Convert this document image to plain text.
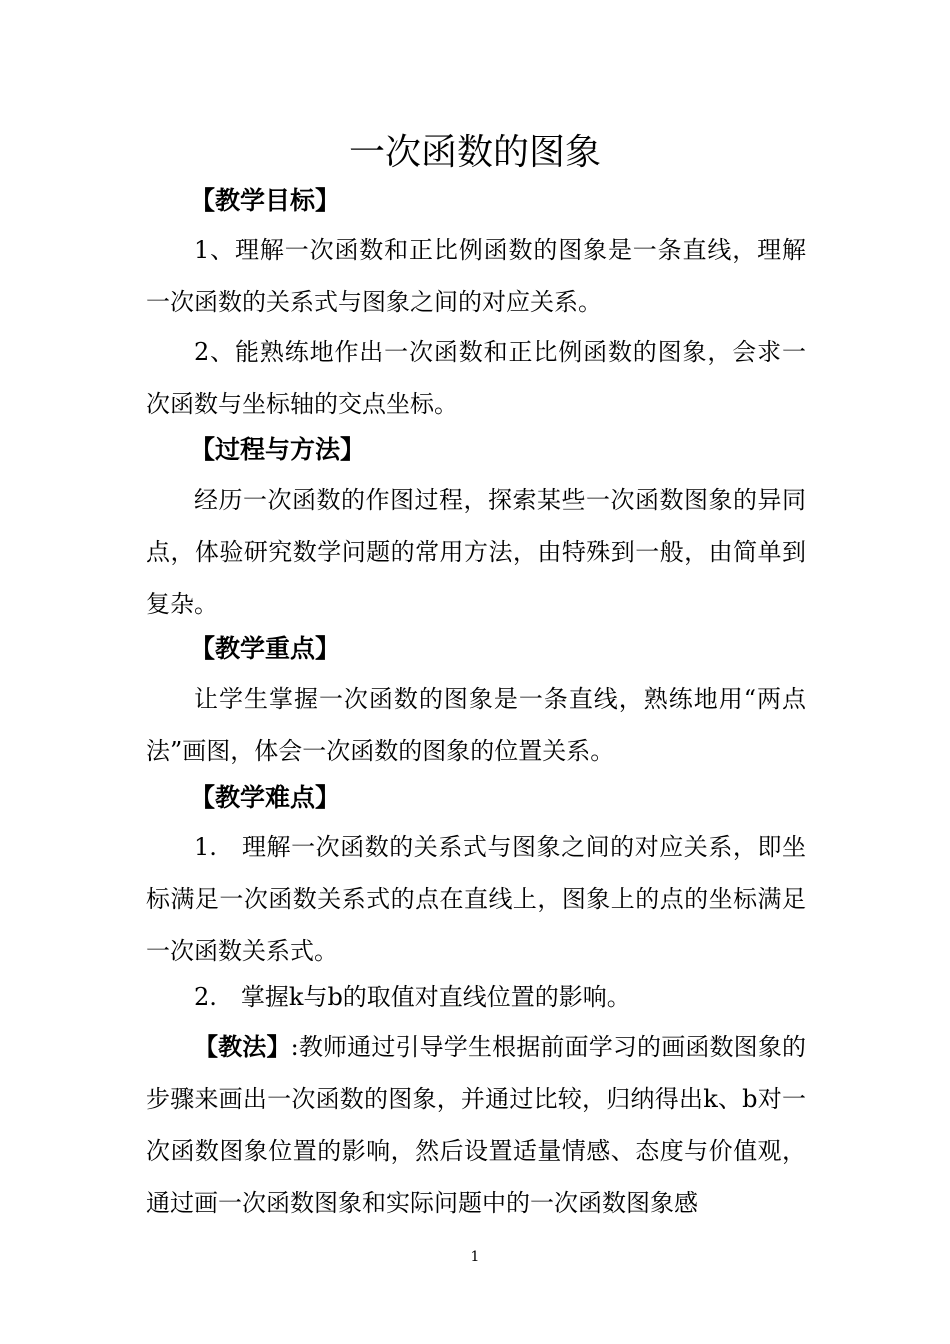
一次函数的图象
【教学目标】

1、理解一次函数和正比例函数的图象是一条直线，理解一次函数的关系式与图象之间的对应关系。

2、能熟练地作出一次函数和正比例函数的图象，会求一次函数与坐标轴的交点坐标。

【过程与方法】

经历一次函数的作图过程，探索某些一次函数图象的异同点，体验研究数学问题的常用方法，由特殊到一般，由简单到复杂。

【教学重点】

让学生掌握一次函数的图象是一条直线，熟练地用“两点法”画图，体会一次函数的图象的位置关系。

【教学难点】

1.　理解一次函数的关系式与图象之间的对应关系，即坐标满足一次函数关系式的点在直线上，图象上的点的坐标满足一次函数关系式。

2.　掌握k与b的取值对直线位置的影响。

【教法】:教师通过引导学生根据前面学习的画函数图象的步骤来画出一次函数的图象，并通过比较，归纳得出k、b对一次函数图象位置的影响，然后设置适量情感、态度与价值观，通过画一次函数图象和实际问题中的一次函数图象感

1
